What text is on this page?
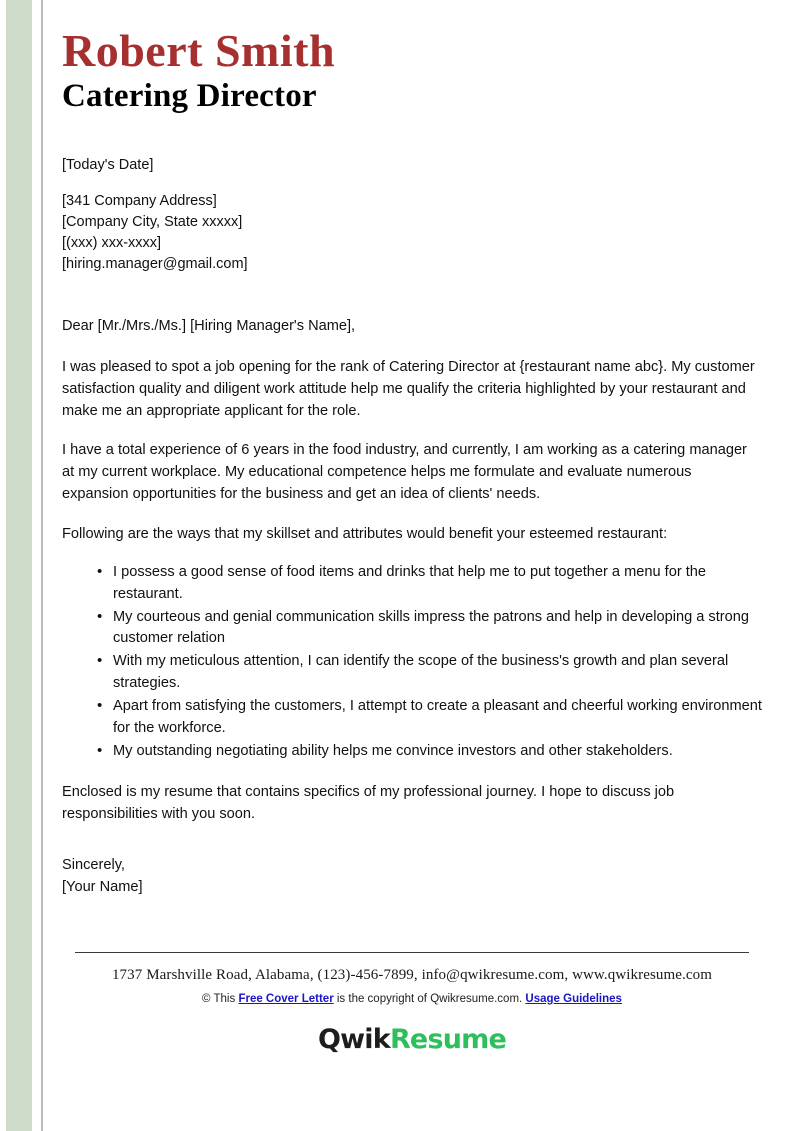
Robert Smith
Catering Director

[Today's Date]

[341 Company Address]

[Company City, State xxxxx]

[(xxx) xxx-xxxx]

[hiring.manager@gmail.com]

Dear [Mr./Mrs./Ms.] [Hiring Manager's Name],

I was pleased to spot a job opening for the rank of Catering Director at {restaurant name abc}. My customer satisfaction quality and diligent work attitude help me qualify the criteria highlighted by your restaurant and make me an appropriate applicant for the role.

I have a total experience of 6 years in the food industry, and currently, I am working as a catering manager at my current workplace. My educational competence helps me formulate and evaluate numerous expansion opportunities for the business and get an idea of clients' needs.

Following are the ways that my skillset and attributes would benefit your esteemed restaurant:

• I possess a good sense of food items and drinks that help me to put together a menu for the restaurant.
• My courteous and genial communication skills impress the patrons and help in developing a strong customer relation
• With my meticulous attention, I can identify the scope of the business's growth and plan several strategies.
• Apart from satisfying the customers, I attempt to create a pleasant and cheerful working environment for the workforce.
• My outstanding negotiating ability helps me convince investors and other stakeholders.

Enclosed is my resume that contains specifics of my professional journey. I hope to discuss job responsibilities with you soon.

Sincerely,

[Your Name]

1737 Marshville Road, Alabama, (123)-456-7899, info@qwikresume.com, www.qwikresume.com
© This Free Cover Letter is the copyright of Qwikresume.com. Usage Guidelines
QwikResume
